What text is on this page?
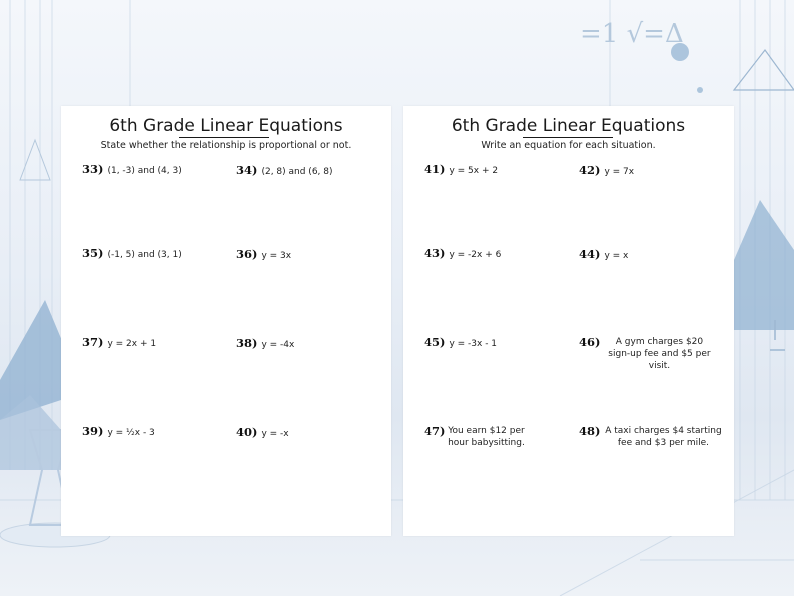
=1 √=Δ
6th Grade Linear Equations
State whether the relationship is proportional or not.
33) (1, -3) and (4, 3)	34) (2, 8) and (6, 8)
35) (-1, 5) and (3, 1)	36) y = 3x
37) y = 2x + 1	38) y = -4x
39) y = ½x - 3	40) y = -x
6th Grade Linear Equations
Write an equation for each situation.
41) y = 5x + 2	42) y = 7x
43) y = -2x + 6	44) y = x
45) y = -3x - 1	46) A gym charges $20 sign-up fee and $5 per visit.
47) You earn $12 per hour babysitting.
48) A taxi charges $4 starting fee and $3 per mile.
